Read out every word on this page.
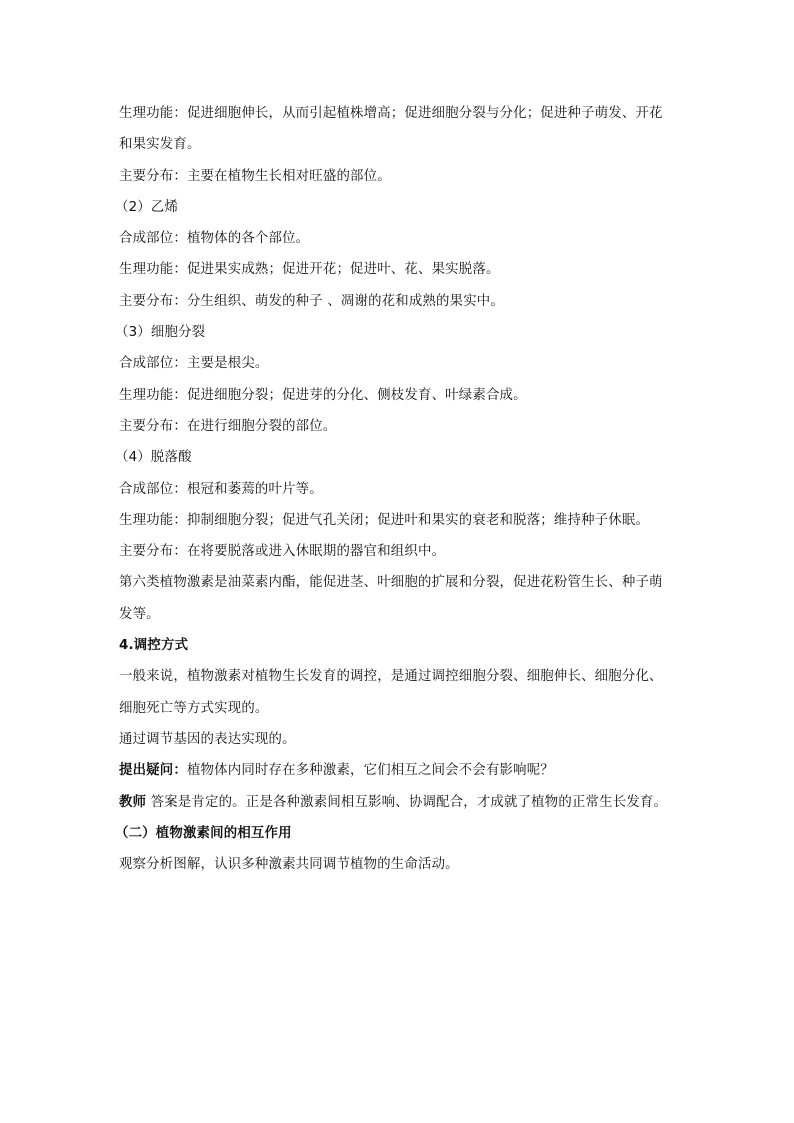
生理功能：促进细胞伸长，从而引起植株增高；促进细胞分裂与分化；促进种子萌发、开花
和果实发育。
主要分布：主要在植物生长相对旺盛的部位。
（2）乙烯
合成部位：植物体的各个部位。
生理功能：促进果实成熟；促进开花；促进叶、花、果实脱落。
主要分布：分生组织、萌发的种子 、凋谢的花和成熟的果实中。
（3）细胞分裂
合成部位：主要是根尖。
生理功能：促进细胞分裂；促进芽的分化、侧枝发育、叶绿素合成。
主要分布：在进行细胞分裂的部位。
（4）脱落酸
合成部位：根冠和萎蔫的叶片等。
生理功能：抑制细胞分裂；促进气孔关闭；促进叶和果实的衰老和脱落；维持种子休眠。
主要分布：在将要脱落或进入休眠期的器官和组织中。
第六类植物激素是油菜素内酯，能促进茎、叶细胞的扩展和分裂，促进花粉管生长、种子萌
发等。
4.调控方式
一般来说，植物激素对植物生长发育的调控，是通过调控细胞分裂、细胞伸长、细胞分化、
细胞死亡等方式实现的。
通过调节基因的表达实现的。
提出疑问：植物体内同时存在多种激素，它们相互之间会不会有影响呢？
教师 答案是肯定的。正是各种激素间相互影响、协调配合，才成就了植物的正常生长发育。
（二）植物激素间的相互作用
观察分析图解，认识多种激素共同调节植物的生命活动。
